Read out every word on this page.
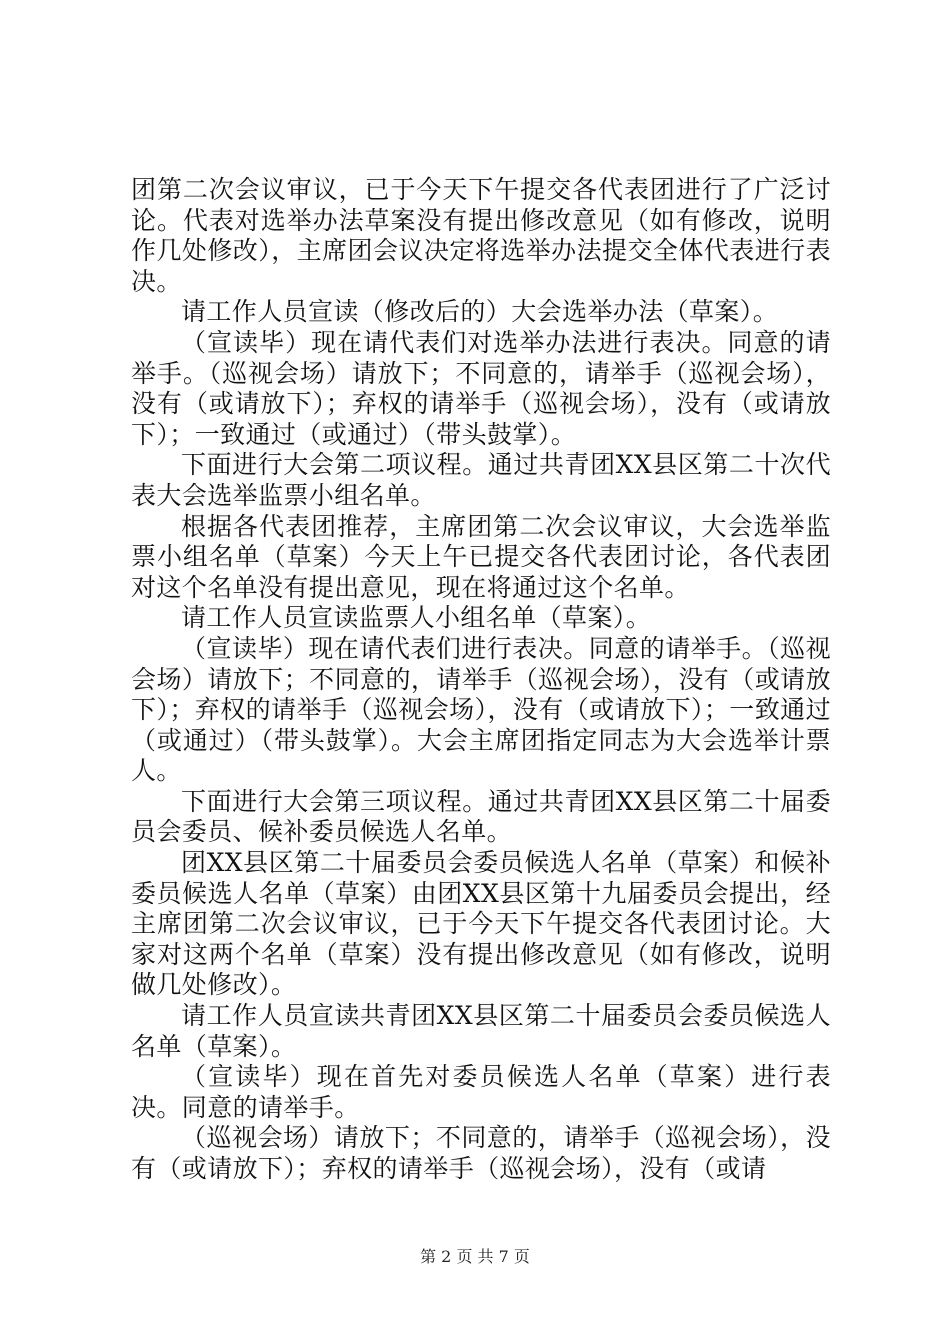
团第二次会议审议，已于今天下午提交各代表团进行了广泛讨论。代表对选举办法草案没有提出修改意见（如有修改，说明作几处修改），主席团会议决定将选举办法提交全体代表进行表决。

请工作人员宣读（修改后的）大会选举办法（草案）。

（宣读毕）现在请代表们对选举办法进行表决。同意的请举手。（巡视会场）请放下；不同意的，请举手（巡视会场），没有（或请放下）；弃权的请举手（巡视会场），没有（或请放下）；一致通过（或通过）（带头鼓掌）。

下面进行大会第二项议程。通过共青团XX县区第二十次代表大会选举监票小组名单。

根据各代表团推荐，主席团第二次会议审议，大会选举监票小组名单（草案）今天上午已提交各代表团讨论，各代表团对这个名单没有提出意见，现在将通过这个名单。

请工作人员宣读监票人小组名单（草案）。

（宣读毕）现在请代表们进行表决。同意的请举手。（巡视会场）请放下；不同意的，请举手（巡视会场），没有（或请放下）；弃权的请举手（巡视会场），没有（或请放下）；一致通过（或通过）（带头鼓掌）。大会主席团指定同志为大会选举计票人。

下面进行大会第三项议程。通过共青团XX县区第二十届委员会委员、候补委员候选人名单。

团XX县区第二十届委员会委员候选人名单（草案）和候补委员候选人名单（草案）由团XX县区第十九届委员会提出，经主席团第二次会议审议，已于今天下午提交各代表团讨论。大家对这两个名单（草案）没有提出修改意见（如有修改，说明做几处修改）。

请工作人员宣读共青团XX县区第二十届委员会委员候选人名单（草案）。

（宣读毕）现在首先对委员候选人名单（草案）进行表决。同意的请举手。

（巡视会场）请放下；不同意的，请举手（巡视会场），没有（或请放下）；弃权的请举手（巡视会场），没有（或请

第 2 页 共 7 页
